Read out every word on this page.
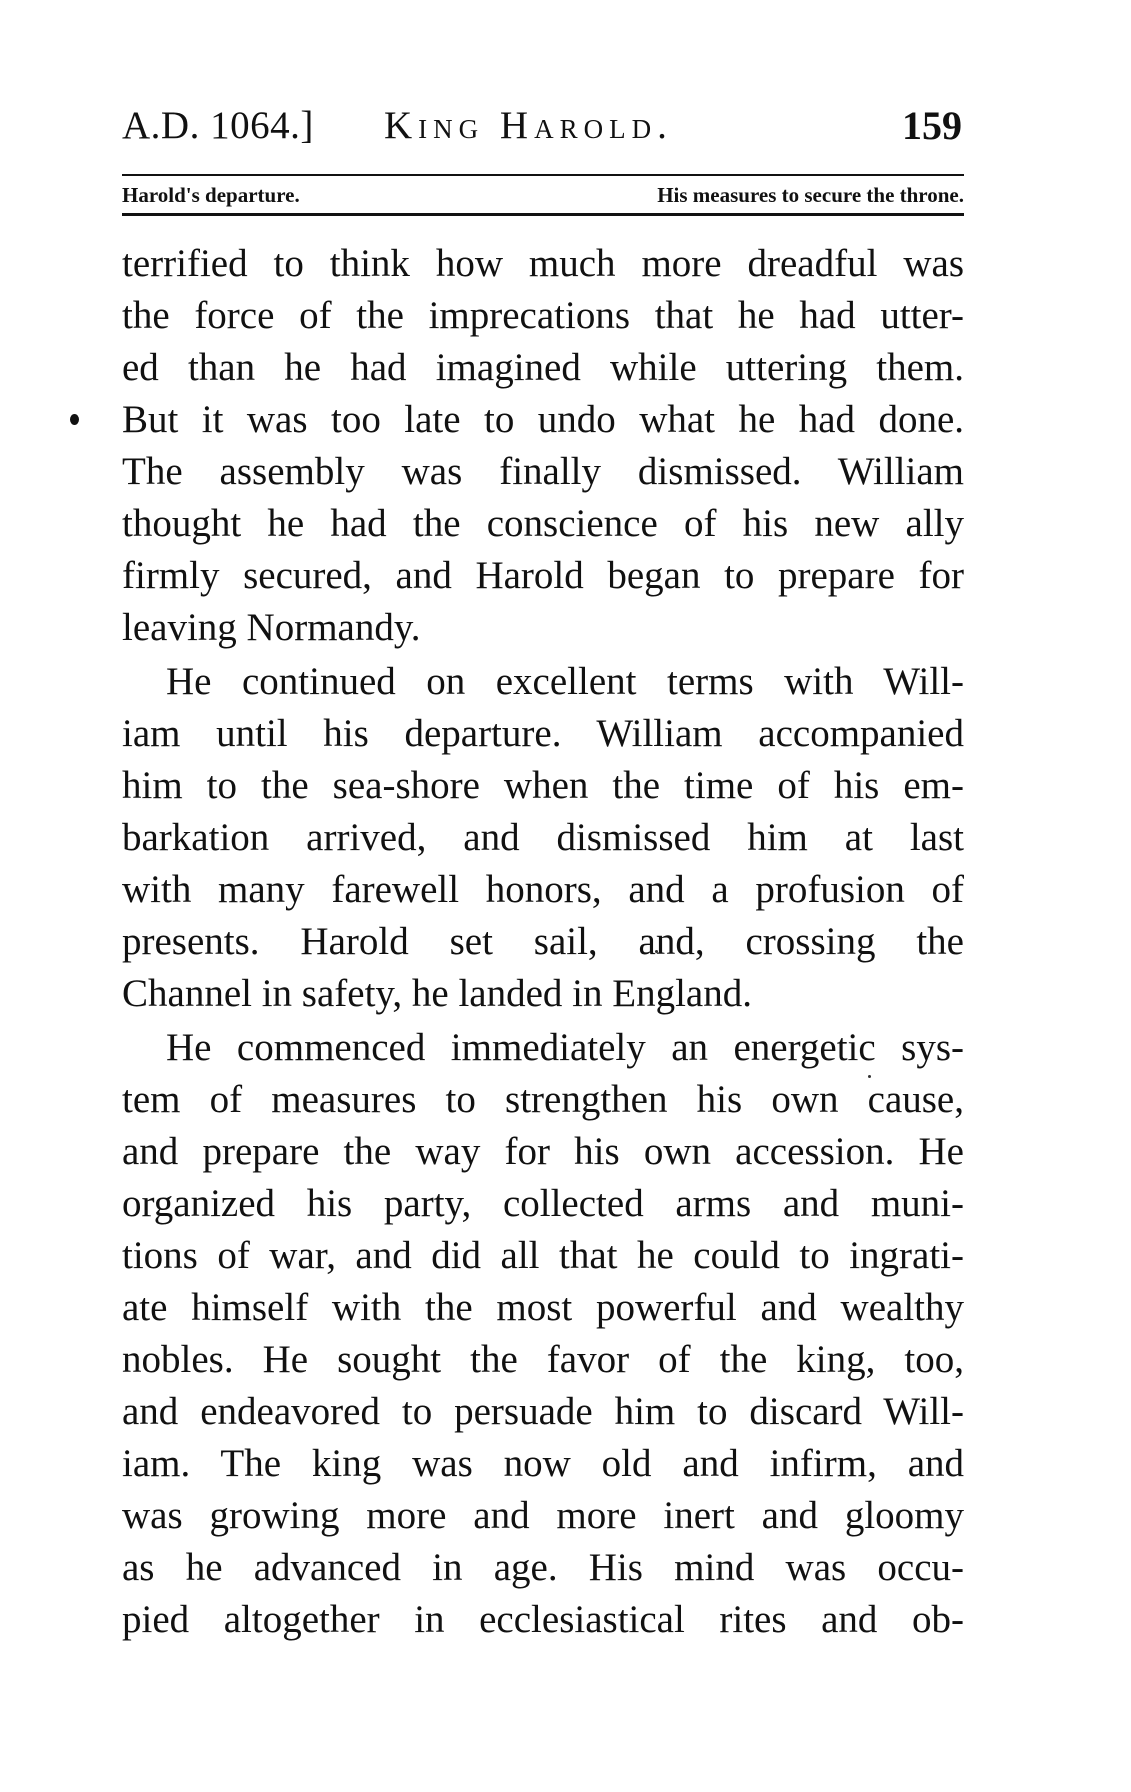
A.D. 1064.] King Harold.	159
Harold's departure.	His measures to secure the throne.
terrified to think how much more dreadful was
the force of the imprecations that he had utter-
ed than he had imagined while uttering them.
But it was too late to undo what he had done.
The assembly was finally dismissed. William
thought he had the conscience of his new ally
firmly secured, and Harold began to prepare for
leaving Normandy.
He continued on excellent terms with Will-
iam until his departure. William accompanied
him to the sea-shore when the time of his em-
barkation arrived, and dismissed him at last
with many farewell honors, and a profusion of
presents. Harold set sail, and, crossing the
Channel in safety, he landed in England.
He commenced immediately an energetic sys-
tem of measures to strengthen his own cause,
and prepare the way for his own accession. He
organized his party, collected arms and muni-
tions of war, and did all that he could to ingrati-
ate himself with the most powerful and wealthy
nobles. He sought the favor of the king, too,
and endeavored to persuade him to discard Will-
iam. The king was now old and infirm, and
was growing more and more inert and gloomy
as he advanced in age. His mind was occu-
pied altogether in ecclesiastical rites and ob-
